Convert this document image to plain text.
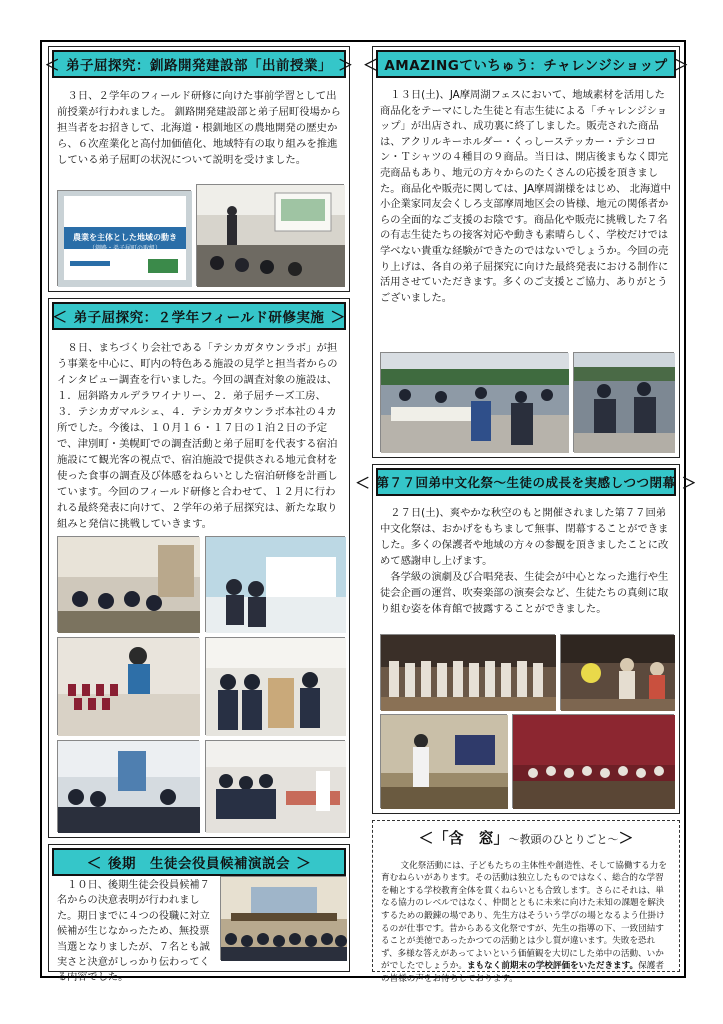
＜ 弟子屈探究：釧路開発建設部「出前授業」 ＞
　３日、２学年のフィールド研修に向けた事前学習として出前授業が行われました。 釧路開発建設部と弟子屈町役場から担当者をお招きして、北海道・根釧地区の農地開発の歴史から、６次産業化と高付加価値化、地域特有の取り組みを推進している弟子屈町の状況について説明を受けました。
農業を主体とした地域の動き
（釧路・弟子屈町の取組）
＜ 弟子屈探究：２学年フィールド研修実施 ＞
　８日、まちづくり会社である「テシカガタウンラボ」が担う事業を中心に、町内の特色ある施設の見学と担当者からのインタビュー調査を行いました。今回の調査対象の施設は、１．屈斜路カルデラワイナリー、２．弟子屈チーズ工房、３．テシカガマルシェ、４．テシカガタウンラボ本社の４カ所でした。今後は、１０月１６・１７日の１泊２日の予定で、津別町・美幌町での調査活動と弟子屈町を代表する宿泊施設にて観光客の視点で、宿泊施設で提供される地元食材を使った食事の調査及び体感をねらいとした宿泊研修を計画しています。今回のフィールド研修と合わせて、１２月に行われる最終発表に向けて、２学年の弟子屈探究は、新たな取り組みと発信に挑戦していきます。
＜ 後期　生徒会役員候補演説会 ＞
　１０日、後期生徒会役員候補７名からの決意表明が行われました。期日までに４つの役職に対立候補が生じなかったため、無投票当選となりましたが、７名とも誠実さと決意がしっかり伝わってくる内容でした。
＜ AMAZINGていちゅう：チャレンジショップ ＞
　１３日(土)、JA摩周湖フェスにおいて、地域素材を活用した商品化をテーマにした生徒と有志生徒による「チャレンジショップ」が出店され、成功裏に終了しました。販売された商品は、アクリルキーホルダー・くっしーステッカー・テシコロン・Ｔシャツの４種目の９商品。当日は、開店後まもなく即完売商品もあり、地元の方々からのたくさんの応援を頂きました。商品化や販売に関しては、JA摩周湖様をはじめ、 北海道中小企業家同友会くしろ支部摩周地区会の皆様、地元の関係者からの全面的なご支援のお陰です。商品化や販売に挑戦した７名の有志生徒たちの接客対応や動きも素晴らしく、学校だけでは学べない貴重な経験ができたのではないでしょうか。今回の売り上げは、各自の弟子屈探究に向けた最終発表における制作に活用させていただきます。多くのご支援とご協力、ありがとうございました。
＜ 第７７回弟中文化祭～生徒の成長を実感しつつ閉幕 ＞
　２７日(土)、爽やかな秋空のもと開催されました第７７回弟中文化祭は、おかげをもちまして無事、閉幕することができました。多くの保護者や地域の方々の参観を頂きましたことに改めて感謝申し上げます。
　各学級の演劇及び合唱発表、生徒会が中心となった進行や生徒会企画の運営、吹奏楽部の演奏会など、生徒たちの真剣に取り組む姿を体育館で披露することができました。
＜「含　窓」～教頭のひとりごと～＞

　文化祭活動には、子どもたちの主体性や創造性、そして協働する力を育むねらいがあります。その活動は独立したものではなく、総合的な学習を軸とする学校教育全体を貫くねらいとも合致します。さらにそれは、単なる協力のレベルではなく、仲間とともに未来に向けた未知の課題を解決するための鍛錬の場であり、先生方はそういう学びの場となるよう仕掛けるのが仕事です。昔からある文化祭ですが、先生の指導の下、一致団結することが美徳であったかつての活動とは少し質が違います。失敗を恐れず、多様な答えがあってよいという価値観を大切にした弟中の活動、いかがでしたでしょうか。まもなく前期末の学校評価をいただきます。保護者の皆様の声をお待ちしております。
